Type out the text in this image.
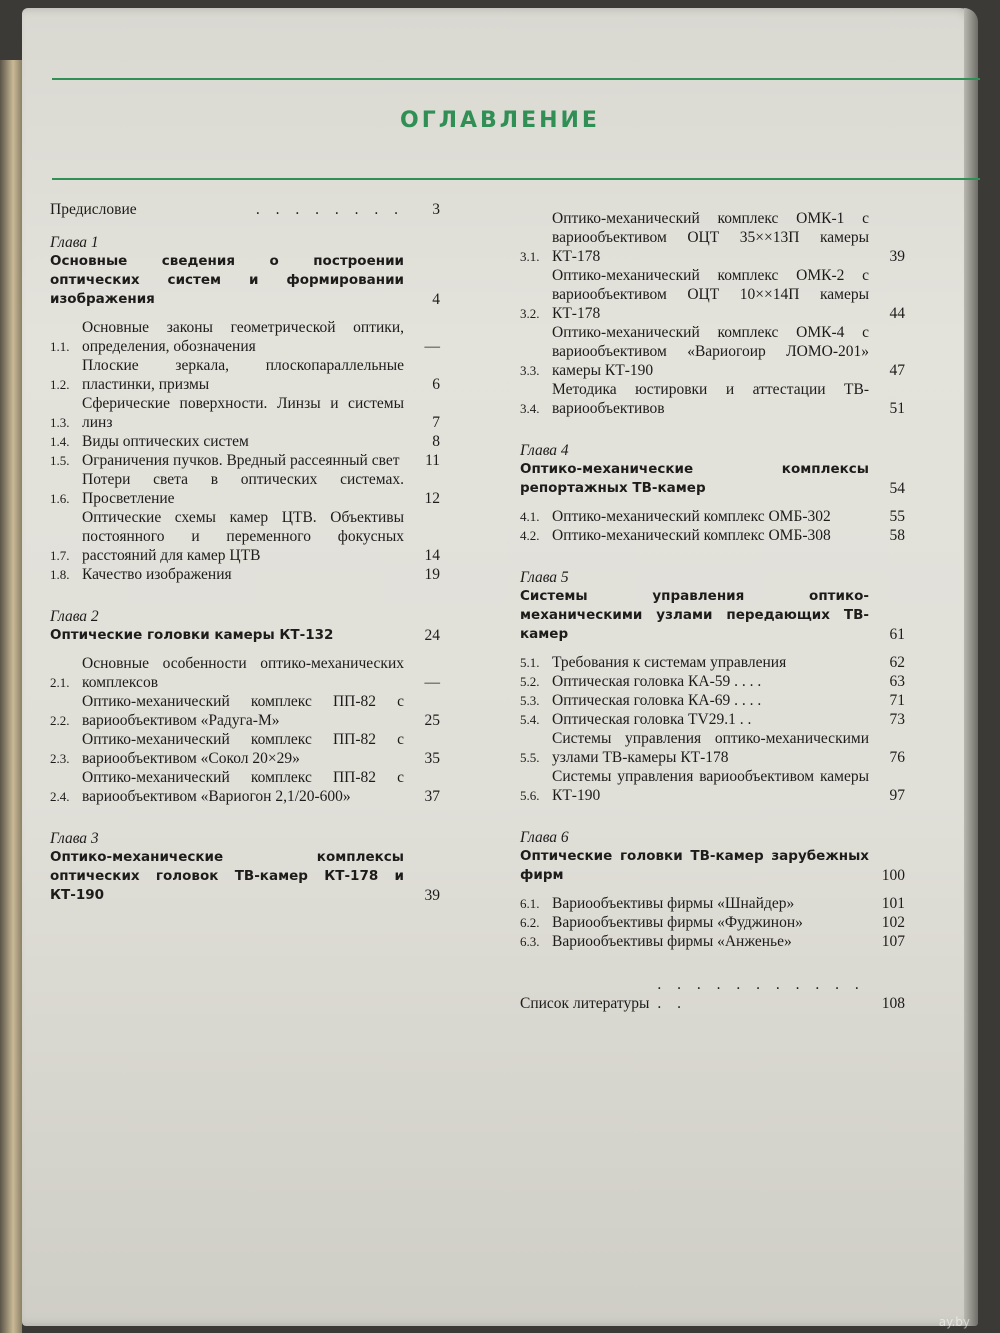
ОГЛАВЛЕНИЕ
Предисловие	. . . . . . . .	3
Глава 1
Основные сведения о построении оптических систем и формировании изображения	4
1.1.
Основные законы геометрической оптики, определения, обозначения	—
1.2.
Плоские зеркала, плоскопараллельные пластинки, призмы	6
1.3.
Сферические поверхности. Линзы и системы линз	7
1.4. Виды оптических систем	8
1.5. Ограничения пучков. Вредный рассеянный свет	11
1.6.
Потери света в оптических системах. Просветление	12
1.7.
Оптические схемы камер ЦТВ. Объективы постоянного и переменного фокусных расстояний для камер ЦТВ	14
1.8. Качество изображения	19
Глава 2
Оптические головки камеры КТ-132	24
2.1.
Основные особенности оптико-механических комплексов	—
2.2.
Оптико-механический комплекс ПП-82 с вариообъективом «Радуга-М»	25
2.3.
Оптико-механический комплекс ПП-82 с вариообъективом «Сокол 20×29»	35
2.4.
Оптико-механический комплекс ПП-82 с вариообъективом «Вариогон 2,1/20-600»	37
Глава 3
Оптико-механические комплексы оптических головок ТВ-камер КТ-178 и КТ-190	39
3.1.
Оптико-механический комплекс ОМК-1 с вариообъективом ОЦТ 35××13П камеры КТ-178	39
3.2.
Оптико-механический комплекс ОМК-2 с вариообъективом ОЦТ 10××14П камеры КТ-178	44
3.3.
Оптико-механический комплекс ОМК-4 с вариообъективом «Вариогоир ЛОМО-201» камеры КТ-190	47
3.4.
Методика юстировки и аттестации ТВ-вариообъективов	51
Глава 4
Оптико-механические комплексы репортажных ТВ-камер	54
4.1. Оптико-механический комплекс ОМБ-302	55
4.2. Оптико-механический комплекс ОМБ-308	58
Глава 5
Системы управления оптико-механическими узлами передающих ТВ-камер	61
5.1. Требования к системам управления	62
5.2. Оптическая головка КА-59 . . . .	63
5.3. Оптическая головка КА-69 . . . .	71
5.4. Оптическая головка TV29.1 . .	73
5.5.
Системы управления оптико-механическими узлами ТВ-камеры КТ-178	76
5.6.
Системы управления вариообъективом камеры КТ-190	97
Глава 6
Оптические головки ТВ-камер зарубежных фирм	100
6.1. Вариообъективы фирмы «Шнайдер»	101
6.2. Вариообъективы фирмы «Фуджинон»	102
6.3. Вариообъективы фирмы «Анженье»	107
Список литературы
. . . . . . . . . . . . .	108
ay.by
